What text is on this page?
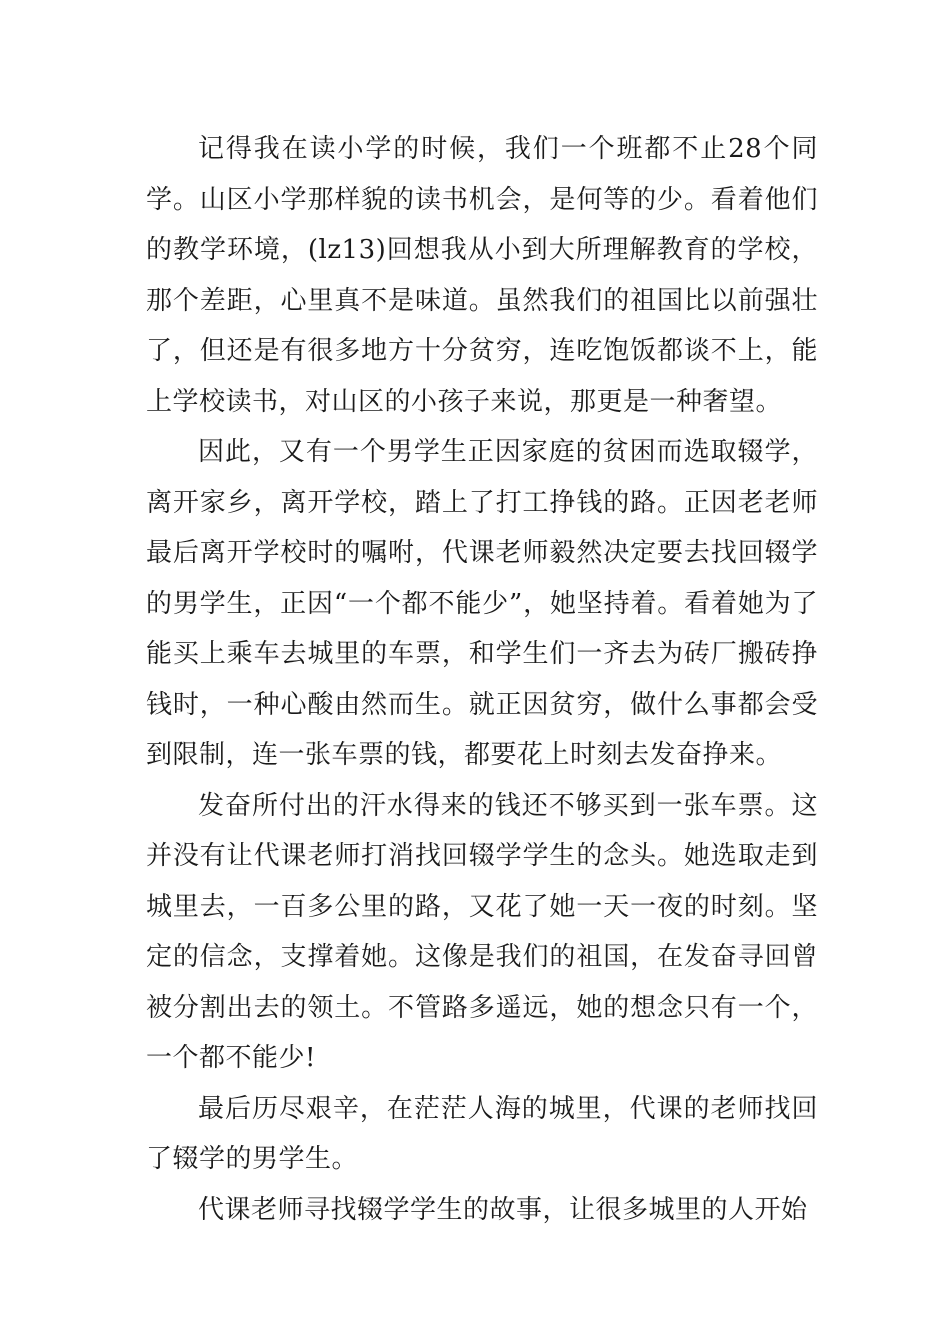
记得我在读小学的时候，我们一个班都不止28个同学。山区小学那样貌的读书机会，是何等的少。看着他们的教学环境，(lz13)回想我从小到大所理解教育的学校，那个差距，心里真不是味道。虽然我们的祖国比以前强壮了，但还是有很多地方十分贫穷，连吃饱饭都谈不上，能上学校读书，对山区的小孩子来说，那更是一种奢望。

因此，又有一个男学生正因家庭的贫困而选取辍学，离开家乡，离开学校，踏上了打工挣钱的路。正因老老师最后离开学校时的嘱咐，代课老师毅然决定要去找回辍学的男学生，正因“一个都不能少”，她坚持着。看着她为了能买上乘车去城里的车票，和学生们一齐去为砖厂搬砖挣钱时，一种心酸由然而生。就正因贫穷，做什么事都会受到限制，连一张车票的钱，都要花上时刻去发奋挣来。

发奋所付出的汗水得来的钱还不够买到一张车票。这并没有让代课老师打消找回辍学学生的念头。她选取走到城里去，一百多公里的路，又花了她一天一夜的时刻。坚定的信念，支撑着她。这像是我们的祖国，在发奋寻回曾被分割出去的领土。不管路多遥远，她的想念只有一个，一个都不能少!

最后历尽艰辛，在茫茫人海的城里，代课的老师找回了辍学的男学生。

代课老师寻找辍学学生的故事，让很多城里的人开始
